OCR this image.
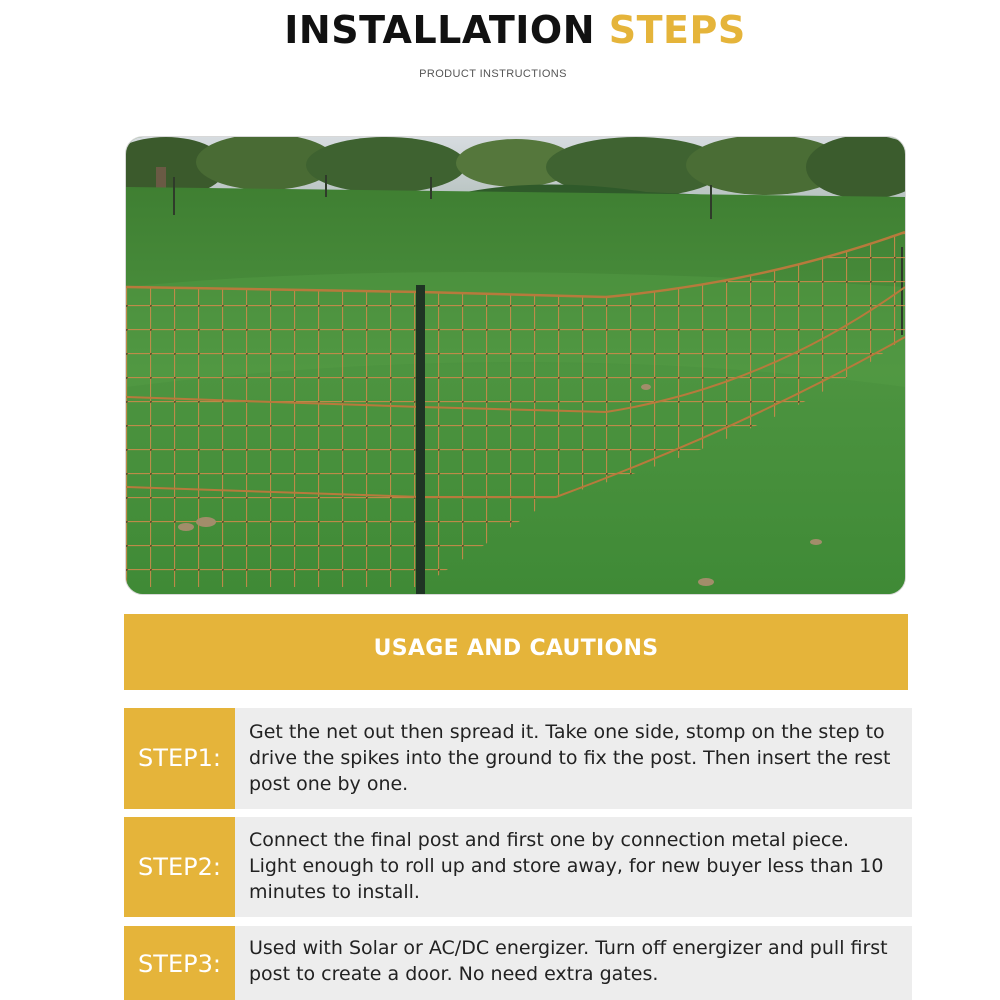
INSTALLATION STEPS
PRODUCT INSTRUCTIONS
USAGE AND CAUTIONS
STEP1:

Get the net out then spread it. Take one side, stomp on the step to drive the spikes into the ground to fix the post. Then insert the rest post one by one.

STEP2:

Connect the final post and first one by connection metal piece. Light enough to roll up and store away, for new buyer less than 10 minutes to install.

STEP3:

Used with Solar or AC/DC energizer. Turn off energizer and pull first post to create a door. No need extra gates.
